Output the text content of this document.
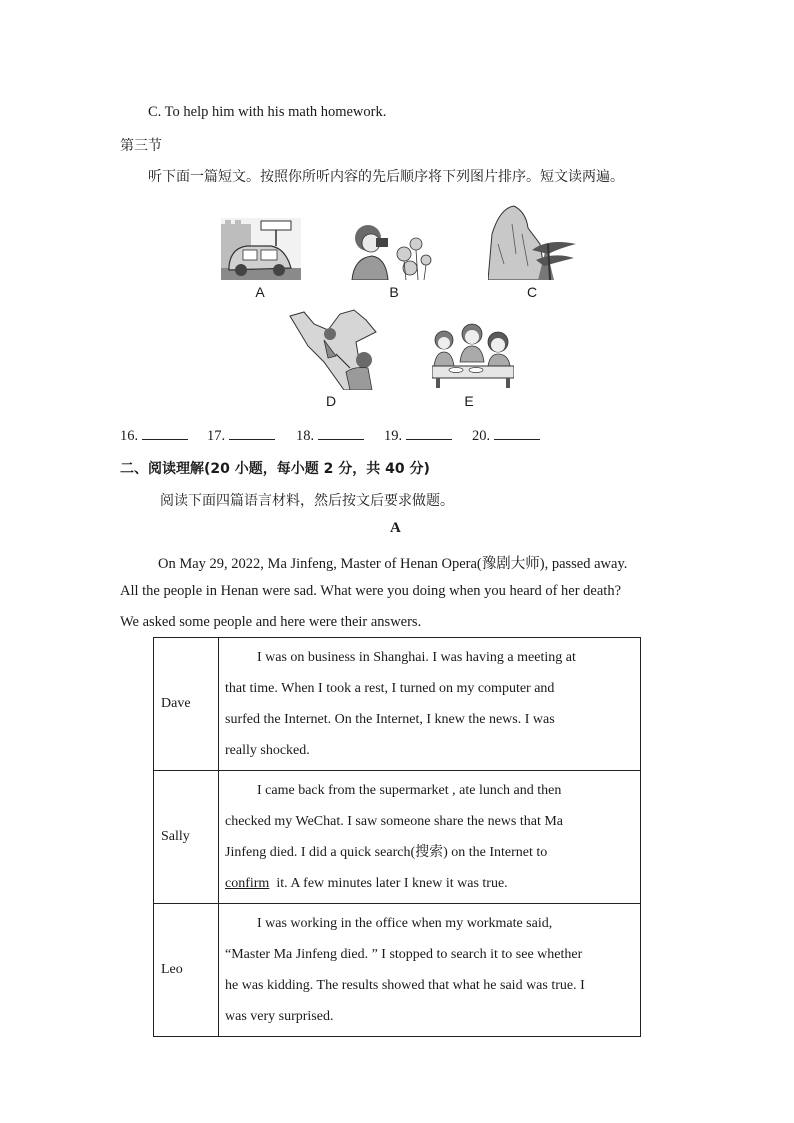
C. To help him with his math homework.
第三节
听下面一篇短文。按照你所听内容的先后顺序将下列图片排序。短文读两遍。
A	B	C
D	E
16.	17.	18.	19.	20.
二、阅读理解(20 小题，每小题 2 分，共 40 分)
阅读下面四篇语言材料，然后按文后要求做题。
A
On May 29, 2022, Ma Jinfeng, Master of Henan Opera(豫剧大师), passed away.
All the people in Henan were sad. What were you doing when you heard of her death?
We asked some people and here were their answers.
Dave	I was on business in Shanghai. I was having a meeting at
that time. When I took a rest, I turned on my computer and
surfed the Internet. On the Internet, I knew the news. I was
really shocked.
Sally	I came back from the supermarket , ate lunch and then
checked my WeChat. I saw someone share the news that Ma
Jinfeng died. I did a quick search(搜索) on the Internet to
confirm it. A few minutes later I knew it was true.
Leo	I was working in the office when my workmate said,
“Master Ma Jinfeng died. ” I stopped to search it to see whether
he was kidding. The results showed that what he said was true. I
was very surprised.
